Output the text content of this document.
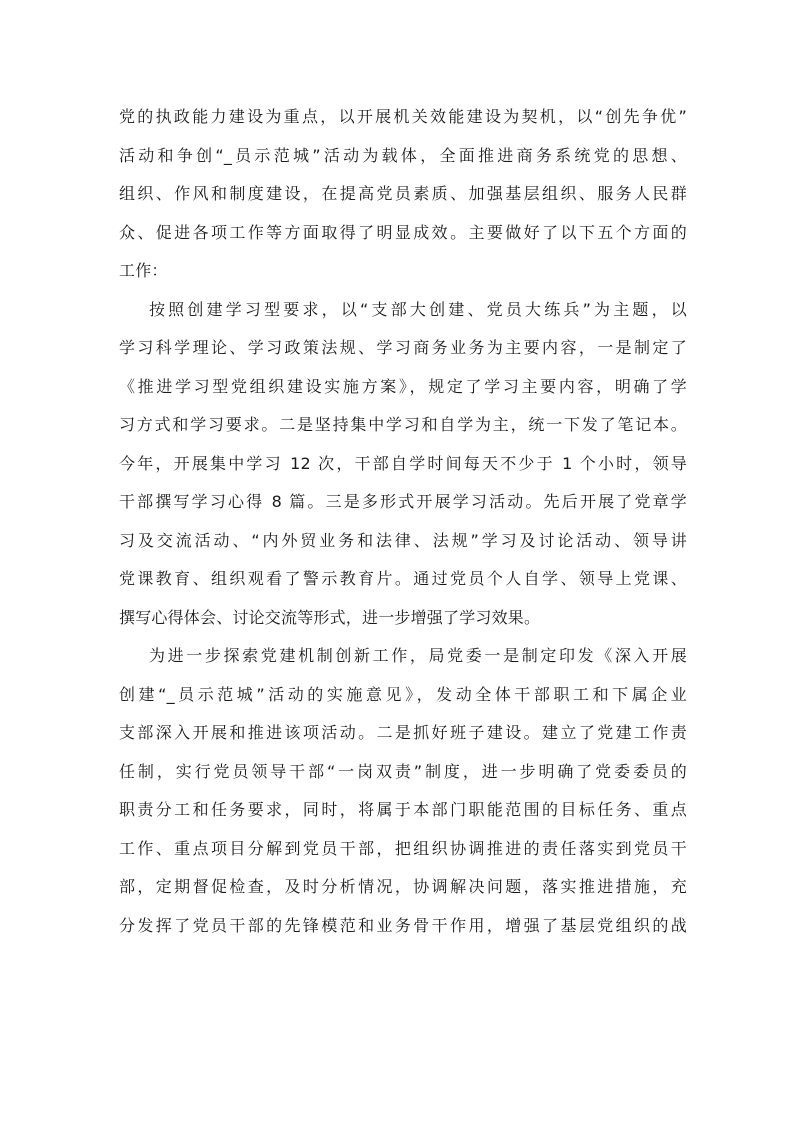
党的执政能力建设为重点，以开展机关效能建设为契机，以“创先争优”
活动和争创“_员示范城”活动为载体，全面推进商务系统党的思想、
组织、作风和制度建设，在提高党员素质、加强基层组织、服务人民群
众、促进各项工作等方面取得了明显成效。主要做好了以下五个方面的
工作：
按照创建学习型要求，以“支部大创建、党员大练兵”为主题，以
学习科学理论、学习政策法规、学习商务业务为主要内容，一是制定了
《推进学习型党组织建设实施方案》，规定了学习主要内容，明确了学
习方式和学习要求。二是坚持集中学习和自学为主，统一下发了笔记本。
今年，开展集中学习 12 次，干部自学时间每天不少于 1 个小时，领导
干部撰写学习心得 8 篇。三是多形式开展学习活动。先后开展了党章学
习及交流活动、“内外贸业务和法律、法规”学习及讨论活动、领导讲
党课教育、组织观看了警示教育片。通过党员个人自学、领导上党课、
撰写心得体会、讨论交流等形式，进一步增强了学习效果。
为进一步探索党建机制创新工作，局党委一是制定印发《深入开展
创建“_员示范城”活动的实施意见》，发动全体干部职工和下属企业
支部深入开展和推进该项活动。二是抓好班子建设。建立了党建工作责
任制，实行党员领导干部“一岗双责”制度，进一步明确了党委委员的
职责分工和任务要求，同时，将属于本部门职能范围的目标任务、重点
工作、重点项目分解到党员干部，把组织协调推进的责任落实到党员干
部，定期督促检查，及时分析情况，协调解决问题，落实推进措施，充
分发挥了党员干部的先锋模范和业务骨干作用，增强了基层党组织的战
